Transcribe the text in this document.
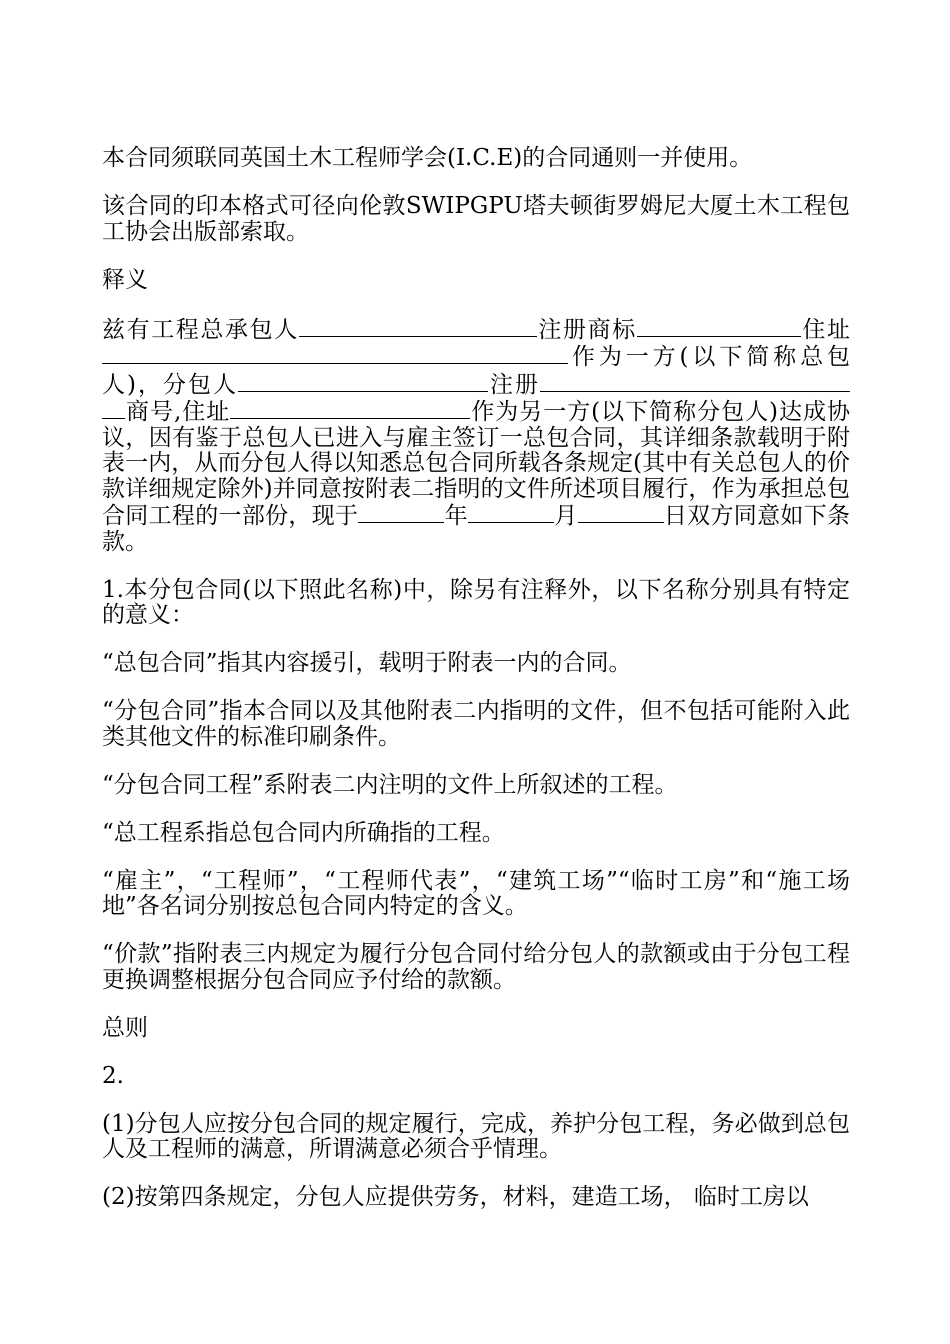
本合同须联同英国土木工程师学会(I.C.E)的合同通则一并使用。

该合同的印本格式可径向伦敦SWIPGPU塔夫顿街罗姆尼大厦土木工程包工协会出版部索取。

释义

兹有工程总承包人	注册商标	住址作为一方(以下简称总包人)，分包人	注册商号,住址	作为另一方(以下简称分包人)达成协议，因有鉴于总包人已进入与雇主签订一总包合同，其详细条款载明于附表一内，从而分包人得以知悉总包合同所载各条规定(其中有关总包人的价款详细规定除外)并同意按附表二指明的文件所述项目履行，作为承担总包合同工程的一部份，现于	年	月	日双方同意如下条款。

1.本分包合同(以下照此名称)中，除另有注释外，以下名称分别具有特定的意义：

“总包合同”指其内容援引，载明于附表一内的合同。

“分包合同”指本合同以及其他附表二内指明的文件，但不包括可能附入此类其他文件的标准印刷条件。

“分包合同工程”系附表二内注明的文件上所叙述的工程。

“总工程系指总包合同内所确指的工程。

“雇主”，“工程师”，“工程师代表”，“建筑工场”“临时工房”和“施工场地”各名词分别按总包合同内特定的含义。

“价款”指附表三内规定为履行分包合同付给分包人的款额或由于分包工程更换调整根据分包合同应予付给的款额。

总则

2.

(1)分包人应按分包合同的规定履行，完成，养护分包工程，务必做到总包人及工程师的满意，所谓满意必须合乎情理。

(2)按第四条规定，分包人应提供劳务，材料，建造工场， 临时工房以
